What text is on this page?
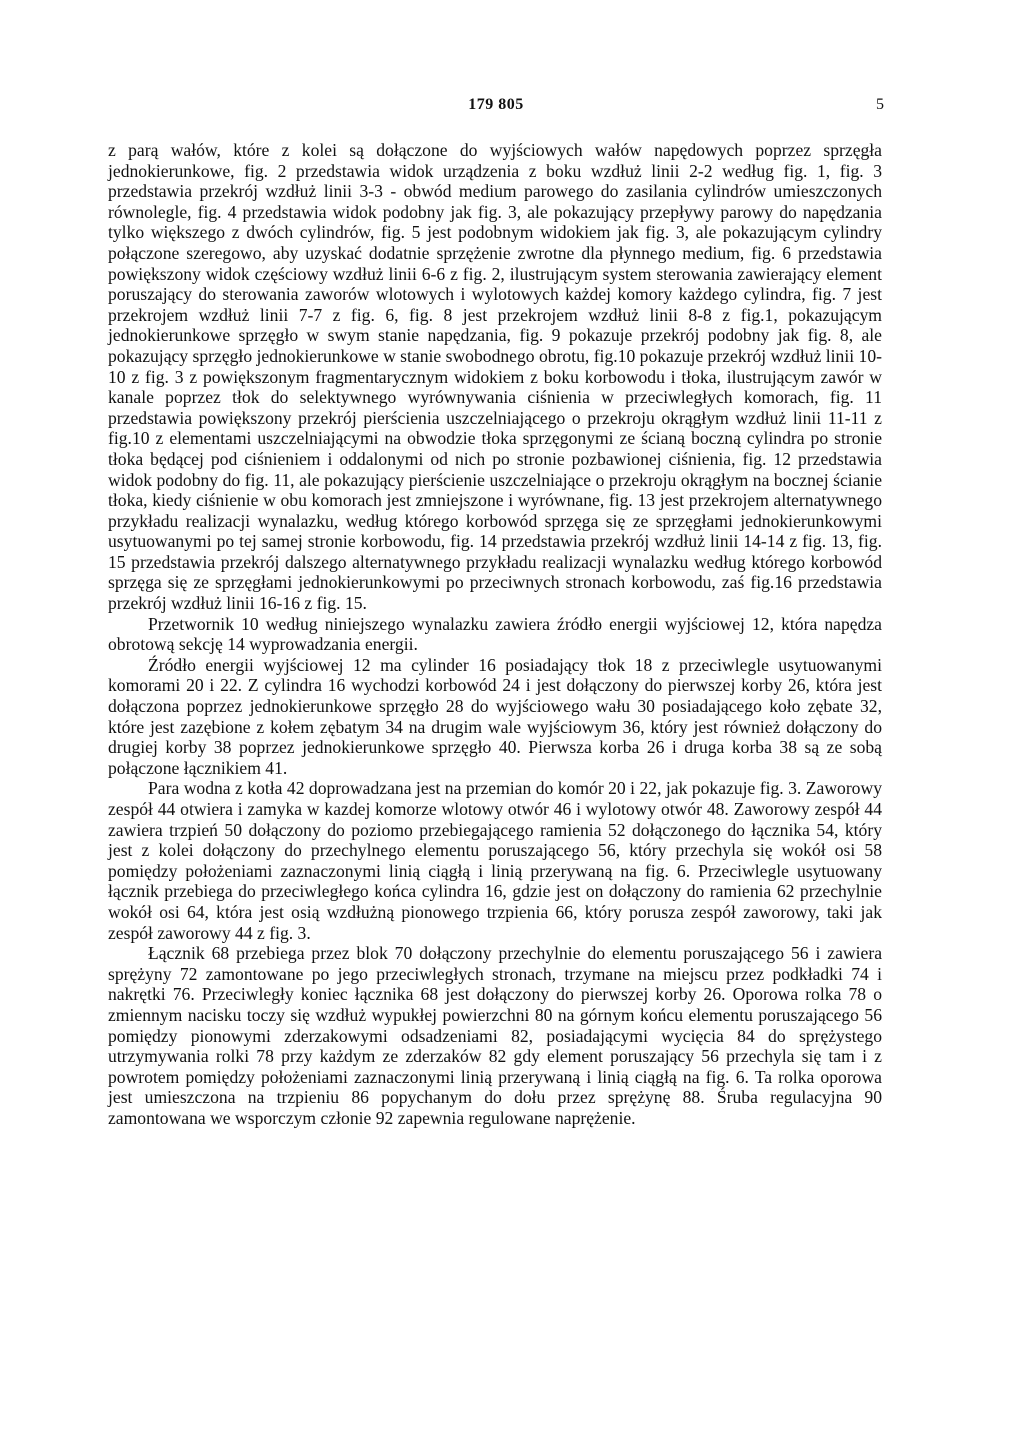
179 805	5

z parą wałów, które z kolei są dołączone do wyjściowych wałów napędowych poprzez sprzęgła jednokierunkowe, fig. 2 przedstawia widok urządzenia z boku wzdłuż linii 2-2 według fig. 1, fig. 3 przedstawia przekrój wzdłuż linii 3-3 - obwód medium parowego do zasilania cylindrów umieszczonych równolegle, fig. 4 przedstawia widok podobny jak fig. 3, ale pokazujący przepływy parowy do napędzania tylko większego z dwóch cylindrów, fig. 5 jest podobnym widokiem jak fig. 3, ale pokazującym cylindry połączone szeregowo, aby uzyskać dodatnie sprzężenie zwrotne dla płynnego medium, fig. 6 przedstawia powiększony widok częściowy wzdłuż linii 6-6 z fig. 2, ilustrującym system sterowania zawierający element poruszający do sterowania zaworów wlotowych i wylotowych każdej komory każdego cylindra, fig. 7 jest przekrojem wzdłuż linii 7-7 z fig. 6, fig. 8 jest przekrojem wzdłuż linii 8-8 z fig.1, pokazującym jednokierunkowe sprzęgło w swym stanie napędzania, fig. 9 pokazuje przekrój podobny jak fig. 8, ale pokazujący sprzęgło jednokierunkowe w stanie swobodnego obrotu, fig.10 pokazuje przekrój wzdłuż linii 10-10 z fig. 3 z powiększonym fragmentarycznym widokiem z boku korbowodu i tłoka, ilustrującym zawór w kanale poprzez tłok do selektywnego wyrównywania ciśnienia w przeciwległych komorach, fig. 11 przedstawia powiększony przekrój pierścienia uszczelniającego o przekroju okrągłym wzdłuż linii 11-11 z fig.10 z elementami uszczelniającymi na obwodzie tłoka sprzęgonymi ze ścianą boczną cylindra po stronie tłoka będącej pod ciśnieniem i oddalonymi od nich po stronie pozbawionej ciśnienia, fig. 12 przedstawia widok podobny do fig. 11, ale pokazujący pierścienie uszczelniające o przekroju okrągłym na bocznej ścianie tłoka, kiedy ciśnienie w obu komorach jest zmniejszone i wyrównane, fig. 13 jest przekrojem alternatywnego przykładu realizacji wynalazku, według którego korbowód sprzęga się ze sprzęgłami jednokierunkowymi usytuowanymi po tej samej stronie korbowodu, fig. 14 przedstawia przekrój wzdłuż linii 14-14 z fig. 13, fig. 15 przedstawia przekrój dalszego alternatywnego przykładu realizacji wynalazku według którego korbowód sprzęga się ze sprzęgłami jednokierunkowymi po przeciwnych stronach korbowodu, zaś fig.16 przedstawia przekrój wzdłuż linii 16-16 z fig. 15.

Przetwornik 10 według niniejszego wynalazku zawiera źródło energii wyjściowej 12, która napędza obrotową sekcję 14 wyprowadzania energii.

Źródło energii wyjściowej 12 ma cylinder 16 posiadający tłok 18 z przeciwlegle usytuowanymi komorami 20 i 22. Z cylindra 16 wychodzi korbowód 24 i jest dołączony do pierwszej korby 26, która jest dołączona poprzez jednokierunkowe sprzęgło 28 do wyjściowego wału 30 posiadającego koło zębate 32, które jest zazębione z kołem zębatym 34 na drugim wale wyjściowym 36, który jest również dołączony do drugiej korby 38 poprzez jednokierunkowe sprzęgło 40. Pierwsza korba 26 i druga korba 38 są ze sobą połączone łącznikiem 41.

Para wodna z kotła 42 doprowadzana jest na przemian do komór 20 i 22, jak pokazuje fig. 3. Zaworowy zespół 44 otwiera i zamyka w kazdej komorze wlotowy otwór 46 i wylotowy otwór 48. Zaworowy zespół 44 zawiera trzpień 50 dołączony do poziomo przebiegającego ramienia 52 dołączonego do łącznika 54, który jest z kolei dołączony do przechylnego elementu poruszającego 56, który przechyla się wokół osi 58 pomiędzy położeniami zaznaczonymi linią ciągłą i linią przerywaną na fig. 6. Przeciwlegle usytuowany łącznik przebiega do przeciwległego końca cylindra 16, gdzie jest on dołączony do ramienia 62 przechylnie wokół osi 64, która jest osią wzdłużną pionowego trzpienia 66, który porusza zespół zaworowy, taki jak zespół zaworowy 44 z fig. 3.

Łącznik 68 przebiega przez blok 70 dołączony przechylnie do elementu poruszającego 56 i zawiera sprężyny 72 zamontowane po jego przeciwległych stronach, trzymane na miejscu przez podkładki 74 i nakrętki 76. Przeciwległy koniec łącznika 68 jest dołączony do pierwszej korby 26. Oporowa rolka 78 o zmiennym nacisku toczy się wzdłuż wypukłej powierzchni 80 na górnym końcu elementu poruszającego 56 pomiędzy pionowymi zderzakowymi odsadzeniami 82, posiadającymi wycięcia 84 do sprężystego utrzymywania rolki 78 przy każdym ze zderzaków 82 gdy element poruszający 56 przechyla się tam i z powrotem pomiędzy położeniami zaznaczonymi linią przerywaną i linią ciągłą na fig. 6. Ta rolka oporowa jest umieszczona na trzpieniu 86 popychanym do dołu przez sprężynę 88. Śruba regulacyjna 90 zamontowana we wsporczym członie 92 zapewnia regulowane naprężenie.
